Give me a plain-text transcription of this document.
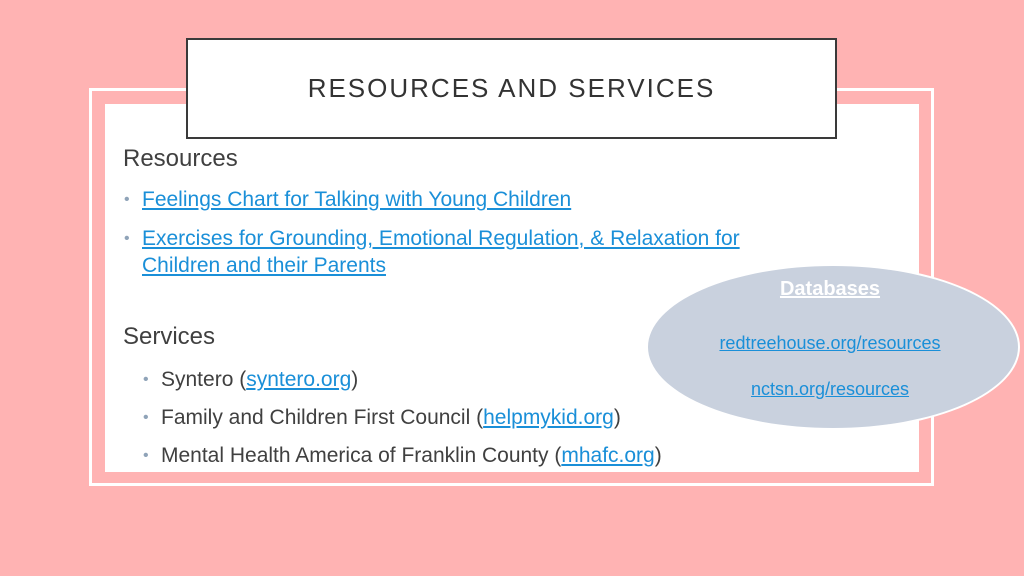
RESOURCES AND SERVICES
Resources
• Feelings Chart for Talking with Young Children
• Exercises for Grounding, Emotional Regulation, & Relaxation for
Children and their Parents
Services
• Syntero (syntero.org)
• Family and Children First Council (helpmykid.org)
• Mental Health America of Franklin County (mhafc.org)
Databases
redtreehouse.org/resources
nctsn.org/resources
